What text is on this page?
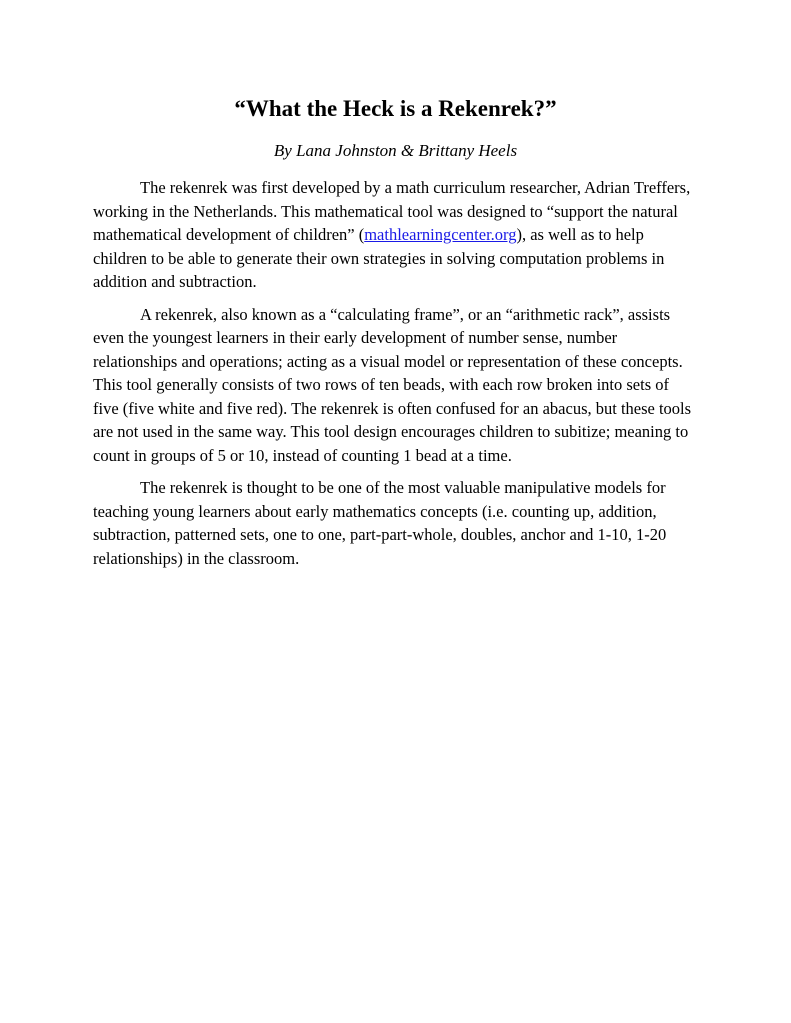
“What the Heck is a Rekenrek?”

By Lana Johnston & Brittany Heels

The rekenrek was first developed by a math curriculum researcher, Adrian Treffers, working in the Netherlands. This mathematical tool was designed to “support the natural mathematical development of children” (mathlearningcenter.org), as well as to help children to be able to generate their own strategies in solving computation problems in addition and subtraction.

A rekenrek, also known as a “calculating frame”, or an “arithmetic rack”, assists even the youngest learners in their early development of number sense, number relationships and operations; acting as a visual model or representation of these concepts. This tool generally consists of two rows of ten beads, with each row broken into sets of five (five white and five red). The rekenrek is often confused for an abacus, but these tools are not used in the same way. This tool design encourages children to subitize; meaning to count in groups of 5 or 10, instead of counting 1 bead at a time.

The rekenrek is thought to be one of the most valuable manipulative models for teaching young learners about early mathematics concepts (i.e. counting up, addition, subtraction, patterned sets, one to one, part-part-whole, doubles, anchor and 1-10, 1-20 relationships) in the classroom.
